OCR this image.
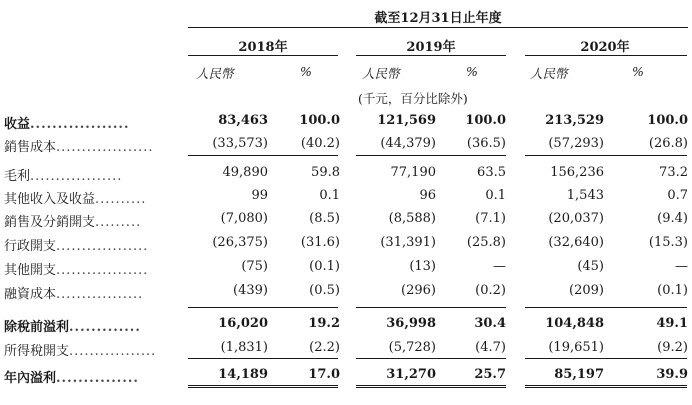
截至12月31日止年度
2018年	2019年	2020年
人民幣	%	人民幣	%	人民幣	%
(千元，百分比除外)
收益..................	83,463	100.0	121,569	100.0	213,529	100.0
銷售成本...................	(33,573)	(40.2)	(44,379)	(36.5)	(57,293)	(26.8)
毛利..................	49,890	59.8	77,190	63.5	156,236	73.2
其他收入及收益..........	99	0.1	96	0.1	1,543	0.7
銷售及分銷開支.........	(7,080)	(8.5)	(8,588)	(7.1)	(20,037)	(9.4)
行政開支..................	(26,375)	(31.6)	(31,391)	(25.8)	(32,640)	(15.3)
其他開支..................	(75)	(0.1)	(13)	—	(45)	—
融資成本.................	(439)	(0.5)	(296)	(0.2)	(209)	(0.1)
除稅前溢利.............	16,020	19.2	36,998	30.4	104,848	49.1
所得稅開支.................	(1,831)	(2.2)	(5,728)	(4.7)	(19,651)	(9.2)
年內溢利...............	14,189	17.0	31,270	25.7	85,197	39.9
